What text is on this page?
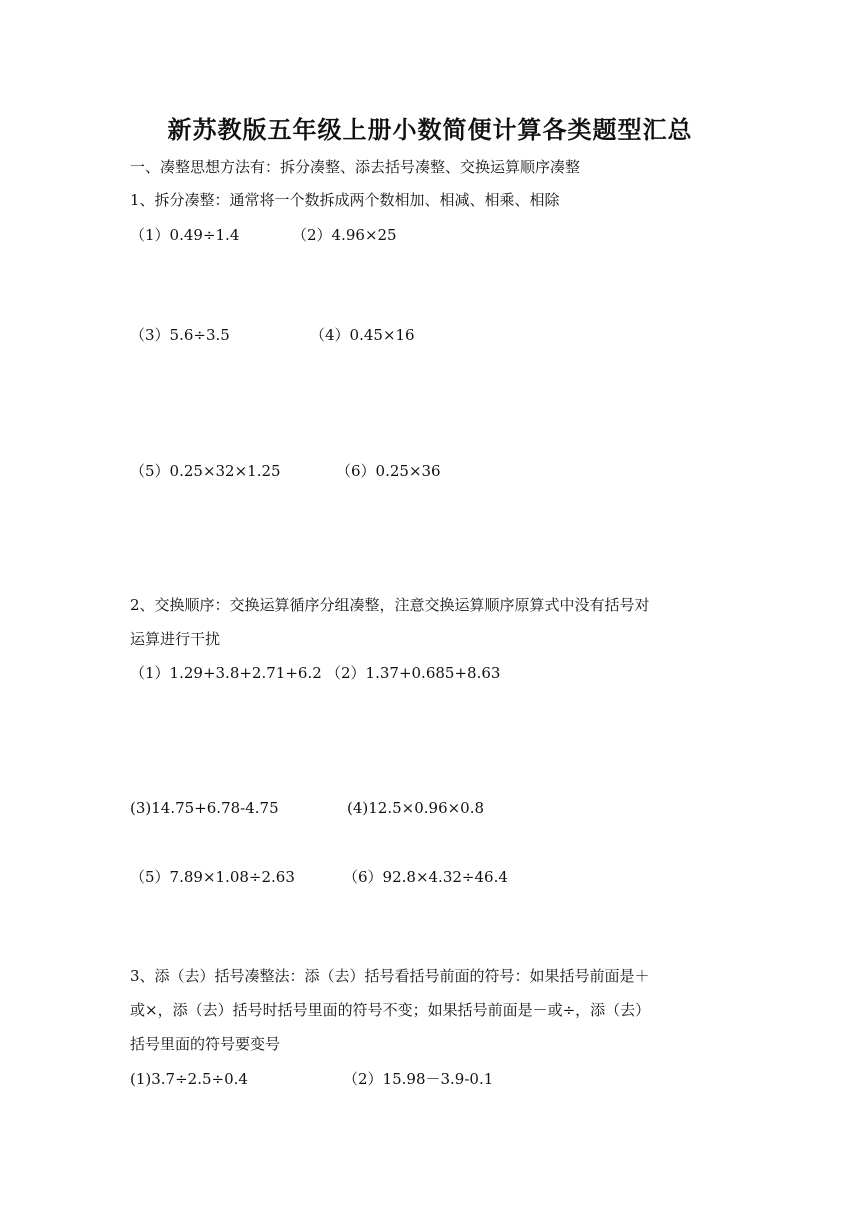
新苏教版五年级上册小数简便计算各类题型汇总
一、凑整思想方法有：拆分凑整、添去括号凑整、交换运算顺序凑整
1、拆分凑整：通常将一个数拆成两个数相加、相减、相乘、相除
（1）0.49÷1.4	（2）4.96×25
（3）5.6÷3.5	（4）0.45×16
（5）0.25×32×1.25	（6）0.25×36
2、交换顺序：交换运算循序分组凑整，注意交换运算顺序原算式中没有括号对
运算进行干扰
（1）1.29+3.8+2.71+6.2 （2）1.37+0.685+8.63
(3)14.75+6.78-4.75	(4)12.5×0.96×0.8
（5）7.89×1.08÷2.63	（6）92.8×4.32÷46.4
3、添（去）括号凑整法：添（去）括号看括号前面的符号：如果括号前面是＋
或×，添（去）括号时括号里面的符号不变；如果括号前面是－或÷，添（去）
括号里面的符号要变号
(1)3.7÷2.5÷0.4	（2）15.98－3.9-0.1
